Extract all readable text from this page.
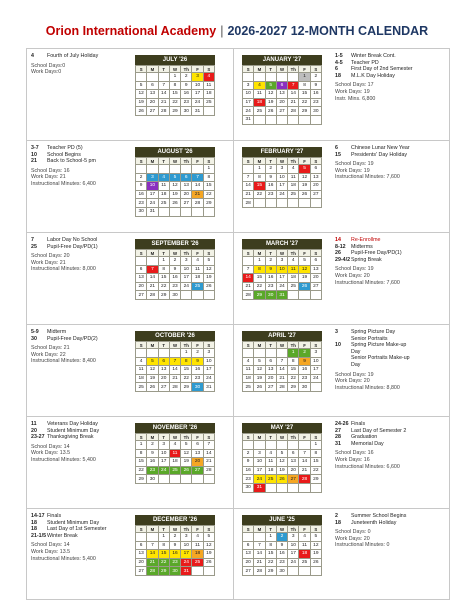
Orion International Academy | 2026-2027 12-MONTH CALENDAR
4	Fourth of July Holiday
School Days:0
Work Days:0
JULY '26
S	M	T	W	Th	F	S
			1	2	3	4
5	6	7	8	9	10	11
12	13	14	15	16	17	18
19	20	21	22	23	24	25
26	27	28	29	30	31	
JANUARY '27
S	M	T	W	Th	F	S
					1	2
3	4	5	6	7	8	9
10	11	12	13	14	15	16
17	18	19	20	21	22	23
24	25	26	27	28	29	30
31						
1-5	Winter Break Cont.
4-5	Teacher PD
6	First Day of 2nd Semester
18	M.L.K Day Holiday
School Days: 17
Work Days: 19
Instr. Mins. 6,800
3-7	Teacher PD (5)
10	School Begins
21	Back to School-5 pm
School Days: 16
Work Days: 21
Instructional Minutes: 6,400
AUGUST '26
S	M	T	W	Th	F	S
						1
2	3	4	5	6	7	8
9	10	11	12	13	14	15
16	17	18	19	20	21	22
23	24	25	26	27	28	29
30	31					
FEBRUARY '27
S	M	T	W	Th	F	S
	1	2	3	4	5	6
7	8	9	10	11	12	13
14	15	16	17	18	19	20
21	22	23	24	25	26	27
28						
6	Chinese Lunar New Year
15	Presidents' Day Holiday
School Days: 19
Work Days: 19
Instructional Minutes: 7,600
7	Labor Day No School
25	Pupil-Free Day/PD(1)
School Days: 20
Work Days: 21
Instructional Minutes: 8,000
SEPTEMBER '26
S	M	T	W	Th	F	S
		1	2	3	4	5
6	7	8	9	10	11	12
13	14	15	16	17	18	19
20	21	22	23	24	25	26
27	28	29	30			
MARCH '27
S	M	T	W	Th	F	S
	1	2	3	4	5	6
7	8	9	10	11	12	13
14	15	16	17	18	19	20
21	22	23	24	25	26	27
28	29	30	31			
14	Re-Enrollme
8-12	Midterms
26	Pupil-Free Day/PD(1)
29-4/2 Spring Break
School Days: 19
Work Days: 20
Instructional Minutes: 7,600
5-9	Midterm
30	Pupil-Free Day/PD(2)
School Days: 21
Work Days: 22
Instructional Minutes: 8,400
OCTOBER '26
S	M	T	W	Th	F	S
				1	2	3
4	5	6	7	8	9	10
11	12	13	14	15	16	17
18	19	20	21	22	23	24
25	26	27	28	29	30	31
APRIL '27
S	M	T	W	Th	F	S
				1	2	3
4	5	6	7	8	9	10
11	12	13	14	15	16	17
18	19	20	21	22	23	24
25	26	27	28	29	30	
3	Spring Picture Day
Senior Portraits
10	Spring Picture Make-up
Day
Senior Portraits Make-up
Day
School Days: 19
Work Days: 20
Instructional Minutes: 8,800
11	Veterans Day Holiday
20	Student Minimum Day
23-27 Thanksgiving Break
School Days: 14
Work Days: 13.5
Instructional Minutes: 5,400
NOVEMBER '26
S	M	T	W	Th	F	S
1	2	3	4	5	6	7
8	9	10	11	12	13	14
15	16	17	18	19	20	21
22	23	24	25	26	27	28
29	30					
MAY '27
S	M	T	W	Th	F	S
						1
2	3	4	5	6	7	8
9	10	11	12	13	14	15
16	17	18	19	20	21	22
23	24	25	26	27	28	29
30	31					
24-26 Finals
27	Last Day of Semester 2
28	Graduation
31	Memorial Day
School Days: 16
Work Days: 16
Instructional Minutes: 6,600
14-17 Finals
18	Student Minimum Day
18	Last Day of 1st Semester
21-1/5 Winter Break
School Days: 14
Work Days: 13.5
Instructional Minutes: 5,400
DECEMBER '26
S	M	T	W	Th	F	S
		1	2	3	4	5
6	7	8	9	10	11	12
13	14	15	16	17	18	19
20	21	22	23	24	25	26
27	28	29	30	31		
JUNE '25
S	M	T	W	Th	F	S
		1	2	3	4	5
6	7	8	9	10	11	12
13	14	15	16	17	18	19
20	21	22	23	24	25	26
27	28	29	30			
2	Summer School Begins
18	Juneteenth Holiday
School Days: 0
Work Days: 20
Instructional Minutes: 0
